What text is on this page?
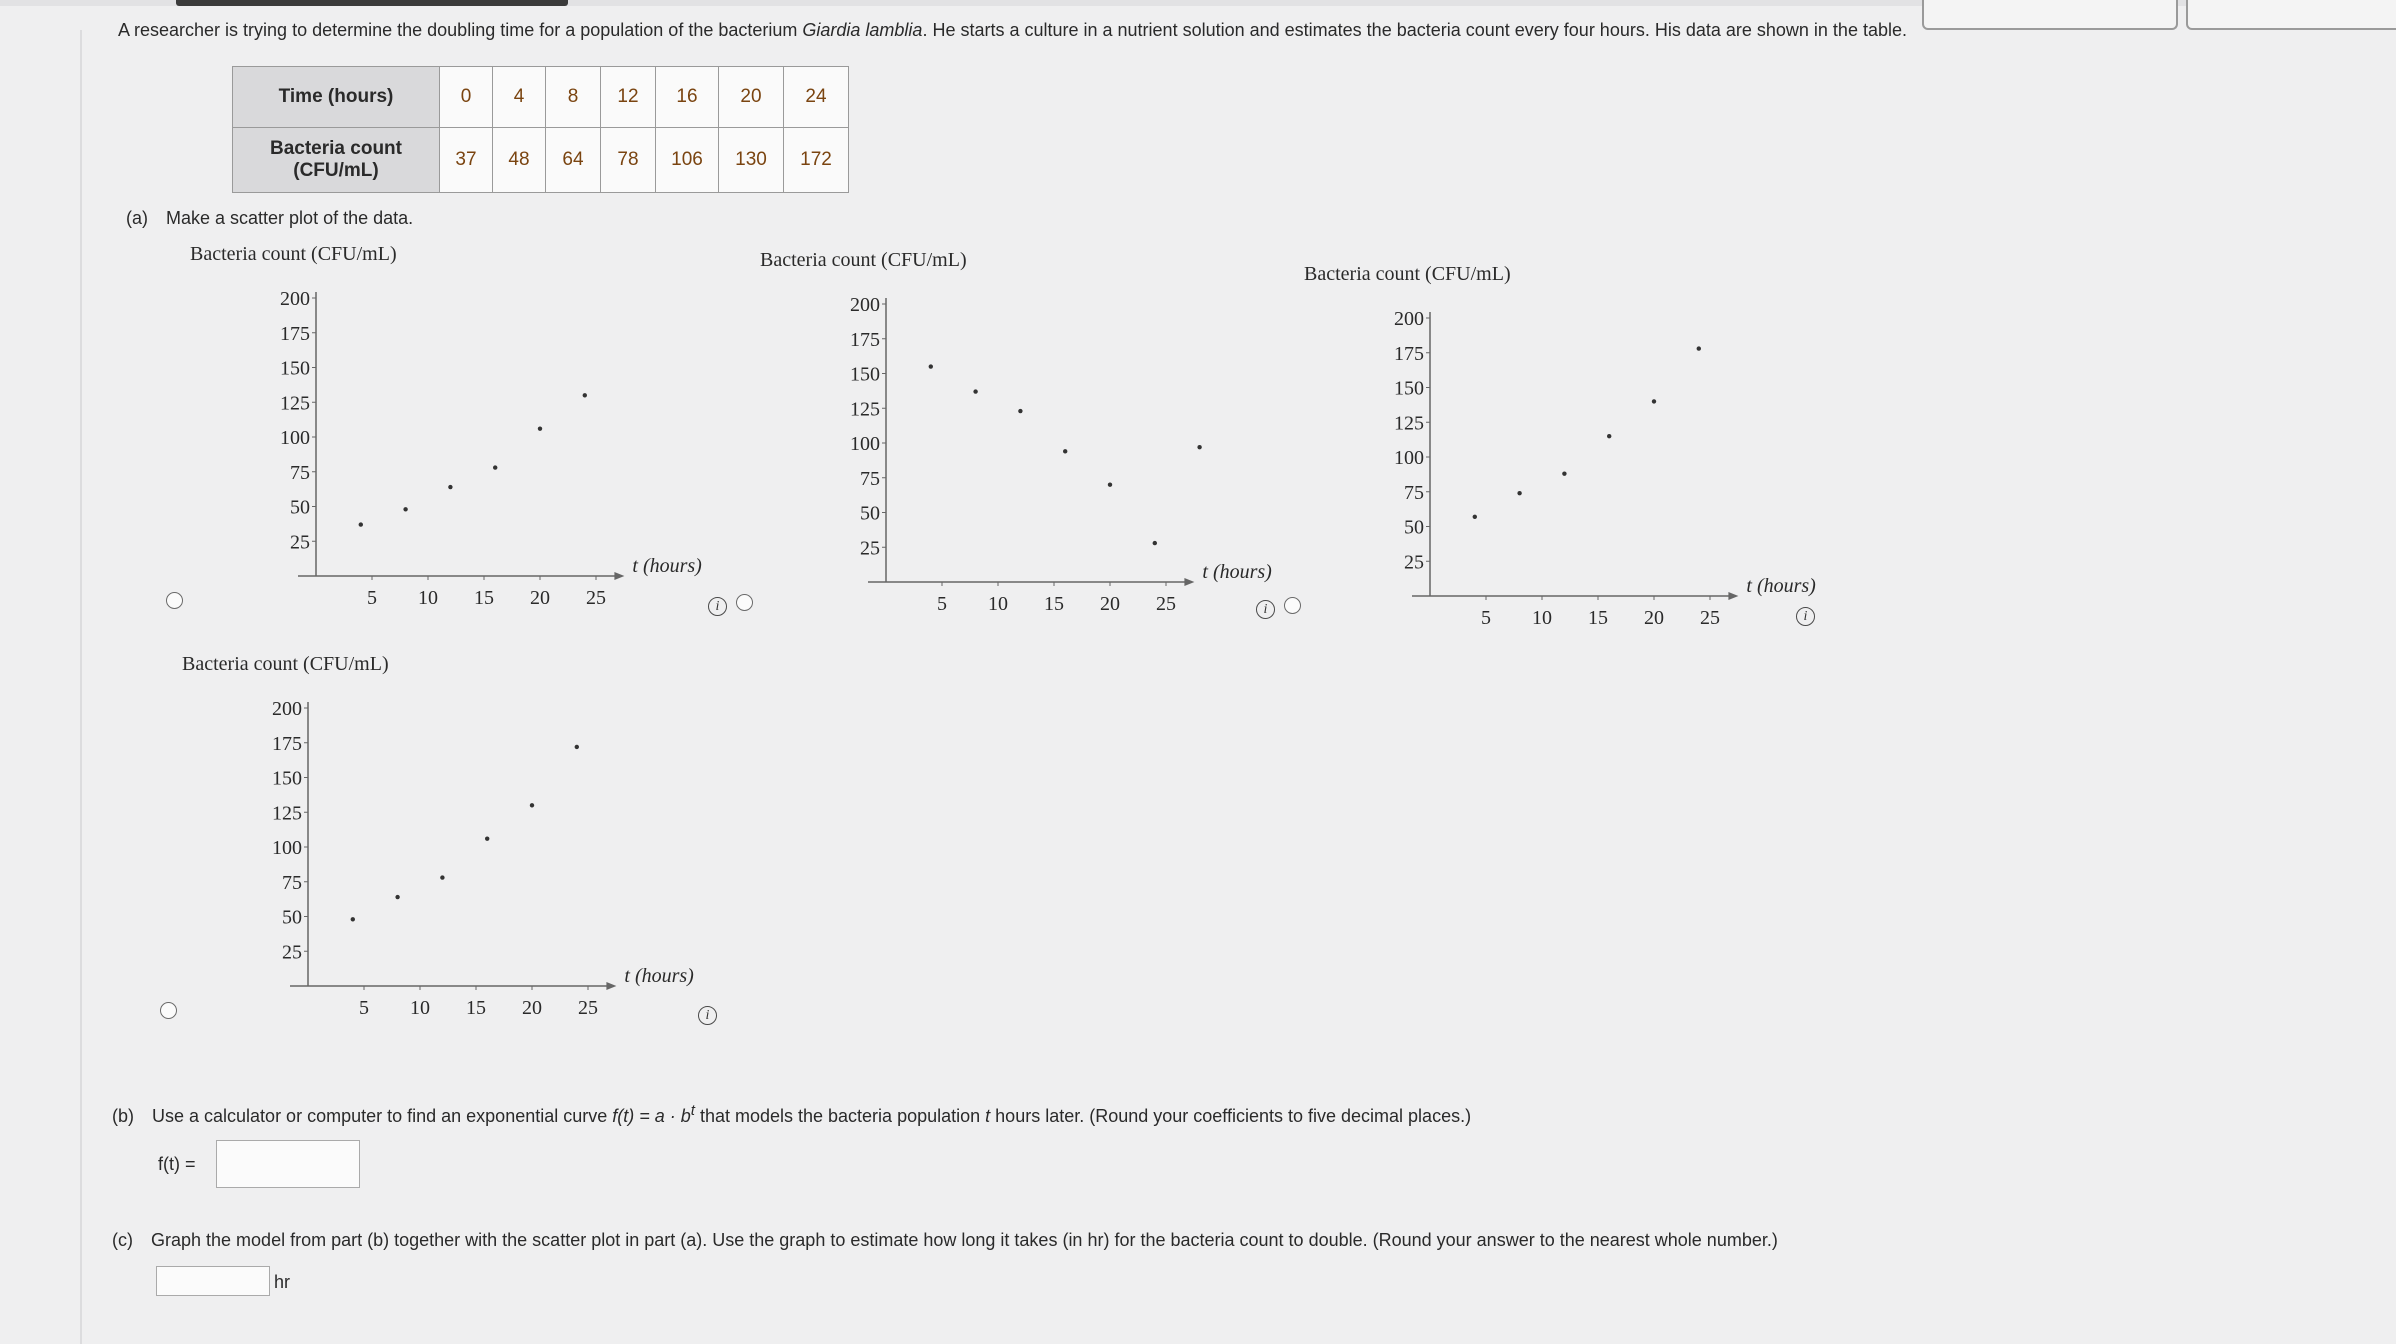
A researcher is trying to determine the doubling time for a population of the bacterium Giardia lamblia. He starts a culture in a nutrient solution and estimates the bacteria count every four hours. His data are shown in the table.
Time (hours)	0	4	8	12	16	20	24
Bacteria count
(CFU/mL)	37	48	64	78	106	130	172
(a) Make a scatter plot of the data.
Bacteria count (CFU/mL)
200
175
150
125
100
75
50
25
5 10 15 20 25
t (hours)
Bacteria count (CFU/mL)
200
175
150
125
100
75
50
25
5 10 15 20 25
t (hours)
Bacteria count (CFU/mL)
200
175
150
125
100
75
50
25
5 10 15 20 25
t (hours)
Bacteria count (CFU/mL)
200
175
150
125
100
75
50
25
5 10 15 20 25
t (hours)
i	i	i
i
(b) Use a calculator or computer to find an exponential curve $f(t) = a \cdot b^t$ that models the bacteria population t hours later. (Round your coefficients to five decimal places.)
f(t) =
(c) Graph the model from part (b) together with the scatter plot in part (a). Use the graph to estimate how long it takes (in hr) for the bacteria count to double. (Round your answer to the nearest whole number.)
hr
